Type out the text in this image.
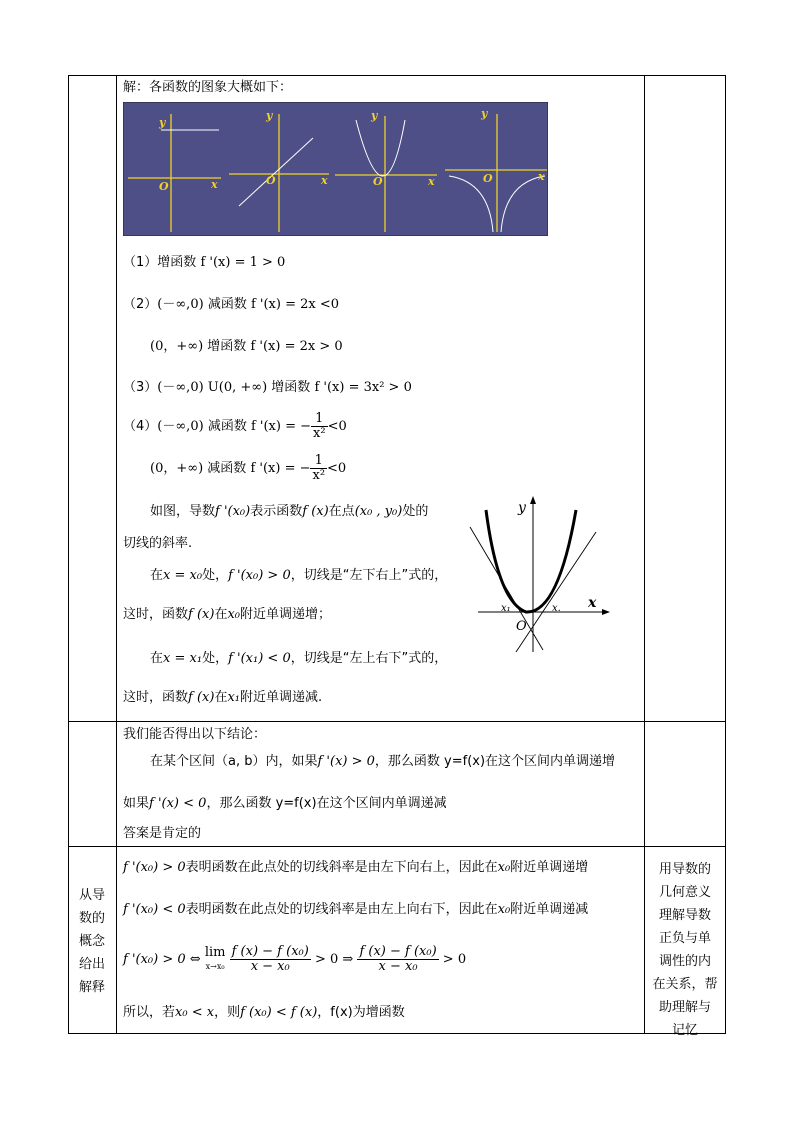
解：各函数的图象大概如下：
y
x
O
y
x
O
y
x
O
y
x
O
（1）增函数 f '(x) = 1 > 0
（2）(－∞,0) 减函数 f '(x) = 2x <0
(0，+∞) 增函数 f '(x) = 2x > 0
（3）(－∞,0) U(0, +∞) 增函数 f '(x) = 3x² > 0
（4）(－∞,0) 减函数 f '(x) = − $\frac{1}{\text{x²}} <0$
(0，+∞) 减函数 f '(x) = − $\frac{1}{\text{x²}} <0$
如图，导数f '(x₀)表示函数f (x)在点(x₀ , y₀)处的
切线的斜率.
在x = x₀处，f '(x₀) > 0，切线是“左下右上”式的，
这时，函数f (x)在x₀附近单调递增；
在x = x₁处，f '(x₁) < 0，切线是“左上右下”式的，
这时，函数f (x)在x₁附近单调递减.
y
x
O
x₁	x.
我们能否得出以下结论：
在某个区间（a, b）内，如果f '(x) > 0，那么函数 y=f(x)在这个区间内单调递增
如果f '(x) < 0，那么函数 y=f(x)在这个区间内单调递减
答案是肯定的
从导
数的
概念
给出
解释
f '(x₀) > 0表明函数在此点处的切线斜率是由左下向右上，因此在x₀附近单调递增
f '(x₀) < 0表明函数在此点处的切线斜率是由左上向右下，因此在x₀附近单调递减
f '(x₀) > 0 ⇔ lim
x→x₀
$\frac{\text{f (x) − f (x₀)}}{\text{x − x₀}} > 0$ ⇒ $\frac{\text{f (x) − f (x₀)}}{\text{x − x₀}} > 0$
所以，若x₀ < x，则f (x₀) < f (x)，f(x)为增函数
用导数的
几何意义
理解导数
正负与单
调性的内
在关系，帮
助理解与
记忆
